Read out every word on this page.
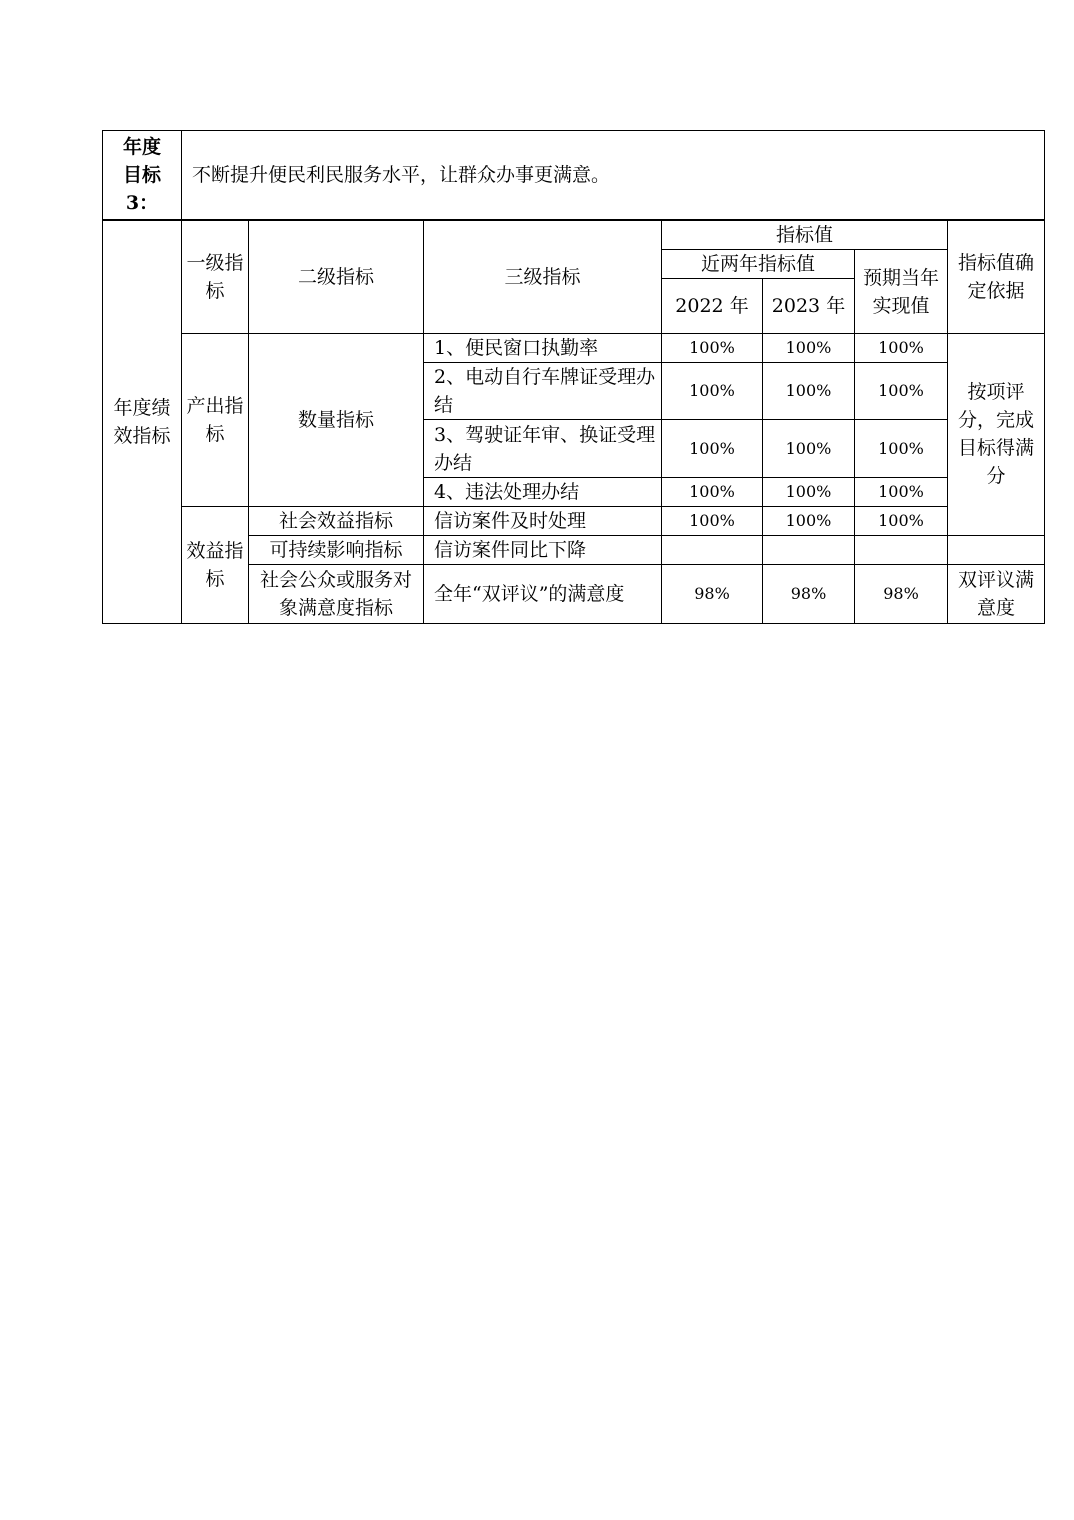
年度
目标 3：
	不断提升便民利民服务水平，让群众办事更满意。
年度绩效指标	一级指标	二级指标	三级指标	指标值			指标值确定依据
				近两年指标值		预期当年实现值	
				2022 年	2023 年		
	产出指标	数量指标	1、便民窗口执勤率	100%	100%	100%	按项评分，完成目标得满分
			2、电动自行车牌证受理办结	100%	100%	100%	
			3、驾驶证年审、换证受理办结	100%	100%	100%	
			4、违法处理办结	100%	100%	100%	
	效益指标	社会效益指标	信访案件及时处理	100%	100%	100%	
		可持续影响指标	信访案件同比下降				
		社会公众或服务对象满意度指标	全年“双评议”的满意度	98%	98%	98%	双评议满意度
